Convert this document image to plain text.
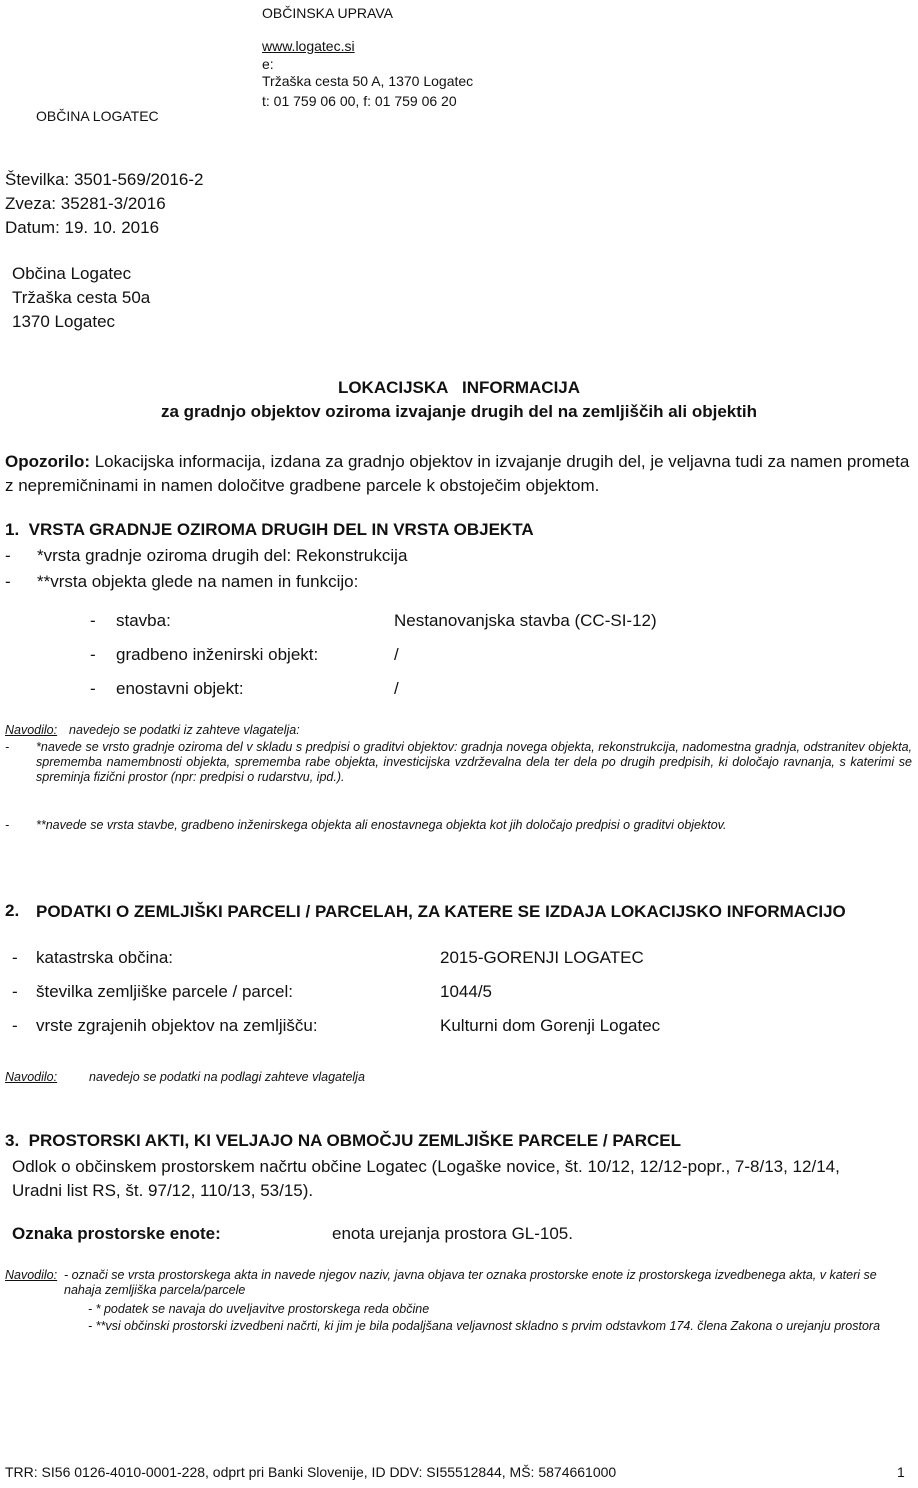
OBČINSKA UPRAVA
www.logatec.si
e:
Tržaška cesta 50 A, 1370 Logatec
t: 01 759 06 00, f: 01 759 06 20
OBČINA LOGATEC
Številka: 3501-569/2016-2
Zveza: 35281-3/2016
Datum: 19. 10. 2016
Občina Logatec
Tržaška cesta 50a
1370 Logatec
LOKACIJSKA   INFORMACIJA
za gradnjo objektov oziroma izvajanje drugih del na zemljiščih ali objektih
Opozorilo: Lokacijska informacija, izdana za gradnjo objektov in izvajanje drugih del, je veljavna tudi za namen prometa z nepremičninami in namen določitve gradbene parcele k obstoječim objektom.
1.  VRSTA GRADNJE OZIROMA DRUGIH DEL IN VRSTA OBJEKTA
- *vrsta gradnje oziroma drugih del: Rekonstrukcija
- **vrsta objekta glede na namen in funkcijo:
- stavba:	Nestanovanjska stavba (CC-SI-12)
- gradbeno inženirski objekt:	/
- enostavni objekt:	/
Navodilo: navedejo se podatki iz zahteve vlagatelja:
- *navede se vrsto gradnje oziroma del v skladu s predpisi o graditvi objektov: gradnja novega objekta, rekonstrukcija, nadomestna gradnja, odstranitev objekta, sprememba namembnosti objekta, sprememba rabe objekta, investicijska vzdrževalna dela ter dela po drugih predpisih, ki določajo ravnanja, s katerimi se spreminja fizični prostor (npr: predpisi o rudarstvu, ipd.).
- **navede se vrsta stavbe, gradbeno inženirskega objekta ali enostavnega objekta kot jih določajo predpisi o graditvi objektov.
2. PODATKI O ZEMLJIŠKI PARCELI / PARCELAH, ZA KATERE SE IZDAJA LOKACIJSKO INFORMACIJO
- katastrska občina:	2015-GORENJI LOGATEC
- številka zemljiške parcele / parcel:	1044/5
- vrste zgrajenih objektov na zemljišču:	Kulturni dom Gorenji Logatec
Navodilo:	navedejo se podatki na podlagi zahteve vlagatelja
3.  PROSTORSKI AKTI, KI VELJAJO NA OBMOČJU ZEMLJIŠKE PARCELE / PARCEL
Odlok o občinskem prostorskem načrtu občine Logatec (Logaške novice, št. 10/12, 12/12-popr., 7-8/13, 12/14, Uradni list RS, št. 97/12, 110/13, 53/15).
Oznaka prostorske enote:	enota urejanja prostora GL-105.
Navodilo: - označi se vrsta prostorskega akta in navede njegov naziv, javna objava ter oznaka prostorske enote iz prostorskega izvedbenega akta, v kateri se nahaja zemljiška parcela/parcele
- * podatek se navaja do uveljavitve prostorskega reda občine
- **vsi občinski prostorski izvedbeni načrti, ki jim je bila podaljšana veljavnost skladno s prvim odstavkom 174. člena Zakona o urejanju prostora
TRR: SI56 0126-4010-0001-228, odprt pri Banki Slovenije, ID DDV: SI55512844, MŠ: 5874661000	1
